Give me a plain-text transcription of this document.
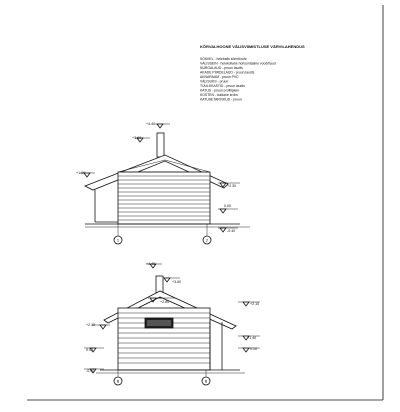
KÕRVALHOONE VÄLISVIIMISTLUSE VÄRVILAHENDUS
SOKKEL - heleballs sõrmikrohr
VÄLISSEIN - helekollane horisontaalne voodrilaud
NURGALAUD - pruun laudis
AKADE PIIRDELAUD - pruun laudis
AKNARAAM - pruun PVC
VÄLISUKS - pruun
TUULEKASTID - pruun laudis
KATUS - pruun profiilpleki
KOSTEN - kuldane krohv
KATUSETARVIKUD - pruun
1	2
+4.40
+3.60
+1.90
+2.30
0.00
-0.40
B	B
+4.40
+3.60
+2.80	+2.10
+2.30
+1.40
0.10
0.00
-0.40
